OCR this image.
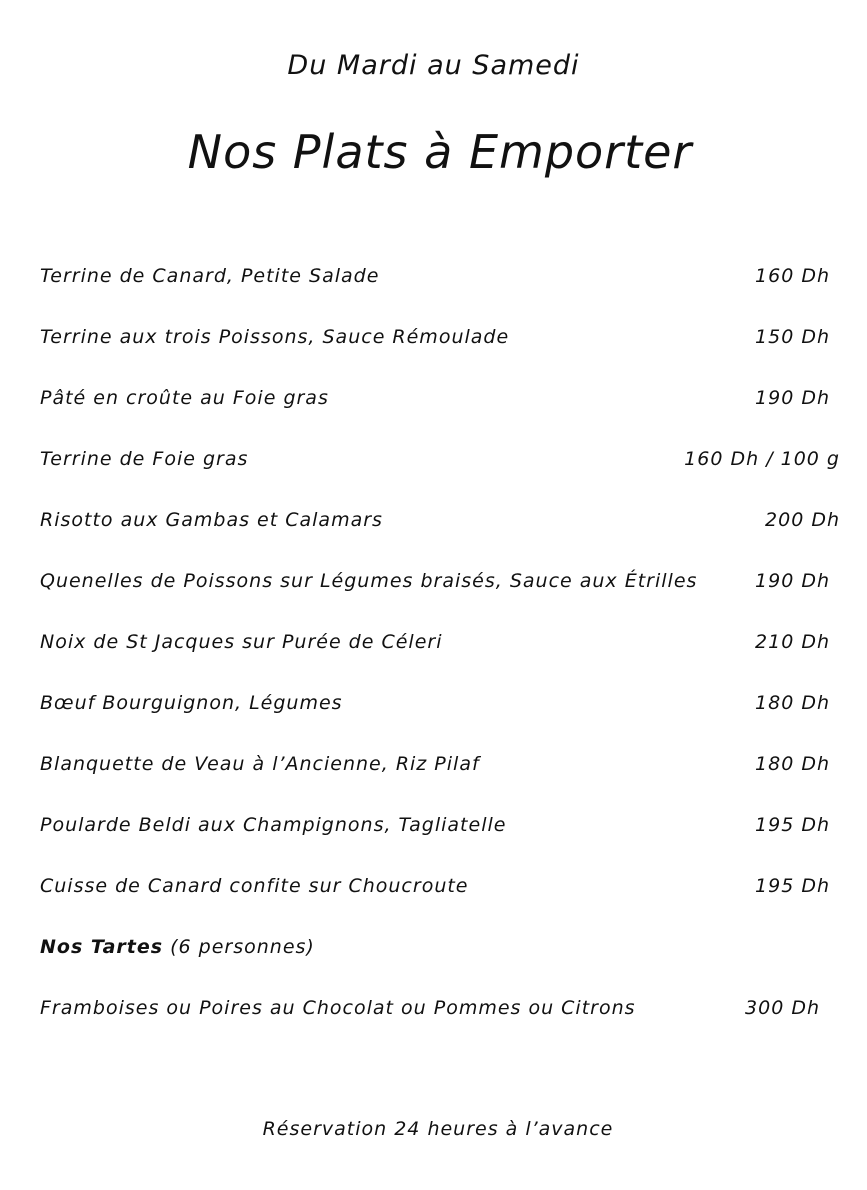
Du Mardi au Samedi
Nos Plats à Emporter
Terrine de Canard, Petite Salade	160 Dh
Terrine aux trois Poissons, Sauce Rémoulade	150 Dh
Pâté en croûte au Foie gras	190 Dh
Terrine de Foie gras	160 Dh / 100 g
Risotto aux Gambas et Calamars	200 Dh
Quenelles de Poissons sur Légumes braisés, Sauce aux Étrilles	190 Dh
Noix de St Jacques sur Purée de Céleri	210 Dh
Bœuf Bourguignon, Légumes	180 Dh
Blanquette de Veau à l’Ancienne, Riz Pilaf	180 Dh
Poularde Beldi aux Champignons, Tagliatelle	195 Dh
Cuisse de Canard confite sur Choucroute	195 Dh
Nos Tartes (6 personnes)
Framboises ou Poires au Chocolat ou Pommes ou Citrons	300 Dh
Réservation 24 heures à l’avance
